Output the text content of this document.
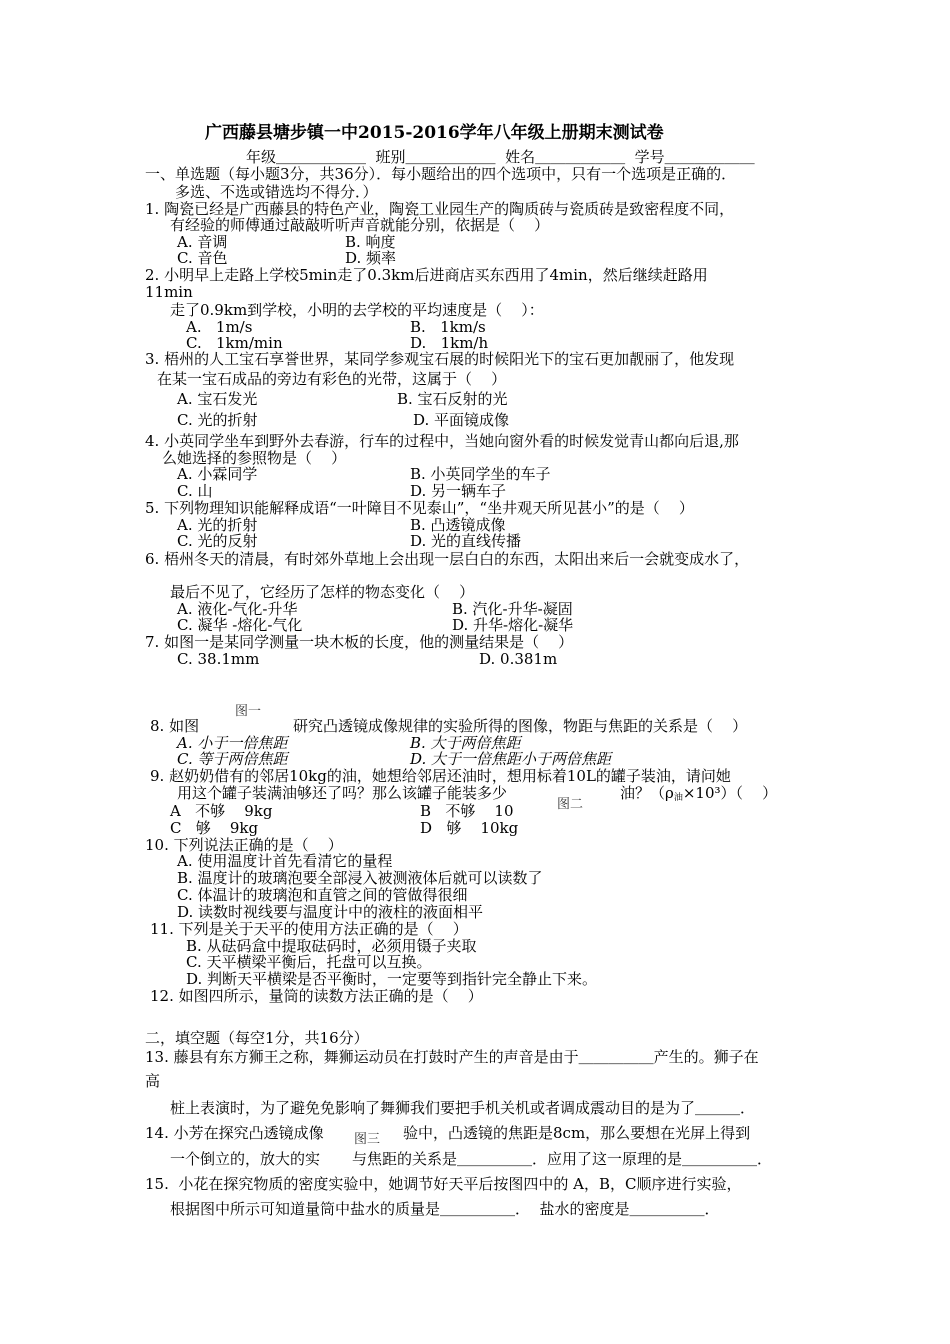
广西藤县塘步镇一中2015-2016学年八年级上册期末测试卷
年级＿＿＿＿＿＿  班别＿＿＿＿＿＿  姓名＿＿＿＿＿＿  学号＿＿＿＿＿＿
一、单选题（每小题3分，共36分）．每小题给出的四个选项中，只有一个选项是正确的．
多选、不选或错选均不得分．）
1. 陶瓷已经是广西藤县的特色产业，陶瓷工业园生产的陶质砖与瓷质砖是致密程度不同，
有经验的师傅通过敲敲听听声音就能分别，依据是（    ）
A. 音调	B. 响度
C. 音色	D. 频率
2. 小明早上走路上学校5min走了0.3km后进商店买东西用了4min，然后继续赶路用
11min
走了0.9km到学校，小明的去学校的平均速度是（    ）：
A.   1m/s	B.   1km/s
C.   1km/min	D.   1km/h
3. 梧州的人工宝石享誉世界，某同学参观宝石展的时候阳光下的宝石更加靓丽了，他发现
在某一宝石成品的旁边有彩色的光带，这属于（    ）
A. 宝石发光	B. 宝石反射的光
C. 光的折射	D. 平面镜成像
4. 小英同学坐车到野外去春游，行车的过程中，当她向窗外看的时候发觉青山都向后退,那
么她选择的参照物是（    ）
A. 小霖同学	B. 小英同学坐的车子
C. 山	D. 另一辆车子
5. 下列物理知识能解释成语“一叶障目不见泰山”，“坐井观天所见甚小”的是（    ）
A. 光的折射	B. 凸透镜成像
C. 光的反射	D. 光的直线传播
6. 梧州冬天的清晨，有时郊外草地上会出现一层白白的东西，太阳出来后一会就变成水了，
最后不见了，它经历了怎样的物态变化（    ）
A. 液化-气化-升华	B. 汽化-升华-凝固
C. 凝华 -熔化-气化	D. 升华-熔化-凝华
7. 如图一是某同学测量一块木板的长度，他的测量结果是（    ）
C. 38.1mm	D. 0.381m
图一
8. 如图	研究凸透镜成像规律的实验所得的图像，物距与焦距的关系是（    ）
A. 小于一倍焦距	B. 大于两倍焦距
C. 等于两倍焦距	D. 大于一倍焦距小于两倍焦距
9. 赵奶奶借有的邻居10kg的油，她想给邻居还油时，想用标着10L的罐子装油，请问她
用这个罐子装满油够还了吗？那么该罐子能装多少	油？$(\rho_油\times 10^3)$（    ）
图二
A   不够    9kg	B   不够    10
C   够    9kg	D   够    10kg
10. 下列说法正确的是（    ）
A. 使用温度计首先看清它的量程
B. 温度计的玻璃泡要全部浸入被测液体后就可以读数了
C. 体温计的玻璃泡和直管之间的管做得很细
D. 读数时视线要与温度计中的液柱的液面相平
11. 下列是关于天平的使用方法正确的是（    ）
B. 从砝码盒中提取砝码时，必须用镊子夹取
C. 天平横梁平衡后，托盘可以互换。
D. 判断天平横梁是否平衡时，一定要等到指针完全静止下来。
12. 如图四所示，量筒的读数方法正确的是（    ）
二，填空题（每空1分，共16分）
13. 藤县有东方狮王之称，舞狮运动员在打鼓时产生的声音是由于＿＿＿＿＿产生的。狮子在
高
桩上表演时，为了避免免影响了舞狮我们要把手机关机或者调成震动目的是为了＿＿＿．
14. 小芳在探究凸透镜成像 图三 验中，凸透镜的焦距是8cm，那么要想在光屏上得到
一个倒立的，放大的实 与焦距的关系是＿＿＿＿＿．应用了这一原理的是＿＿＿＿＿．
15.  小花在探究物质的密度实验中，她调节好天平后按图四中的 A，B，C顺序进行实验，
根据图中所示可知道量筒中盐水的质量是＿＿＿＿＿．  盐水的密度是＿＿＿＿＿．
